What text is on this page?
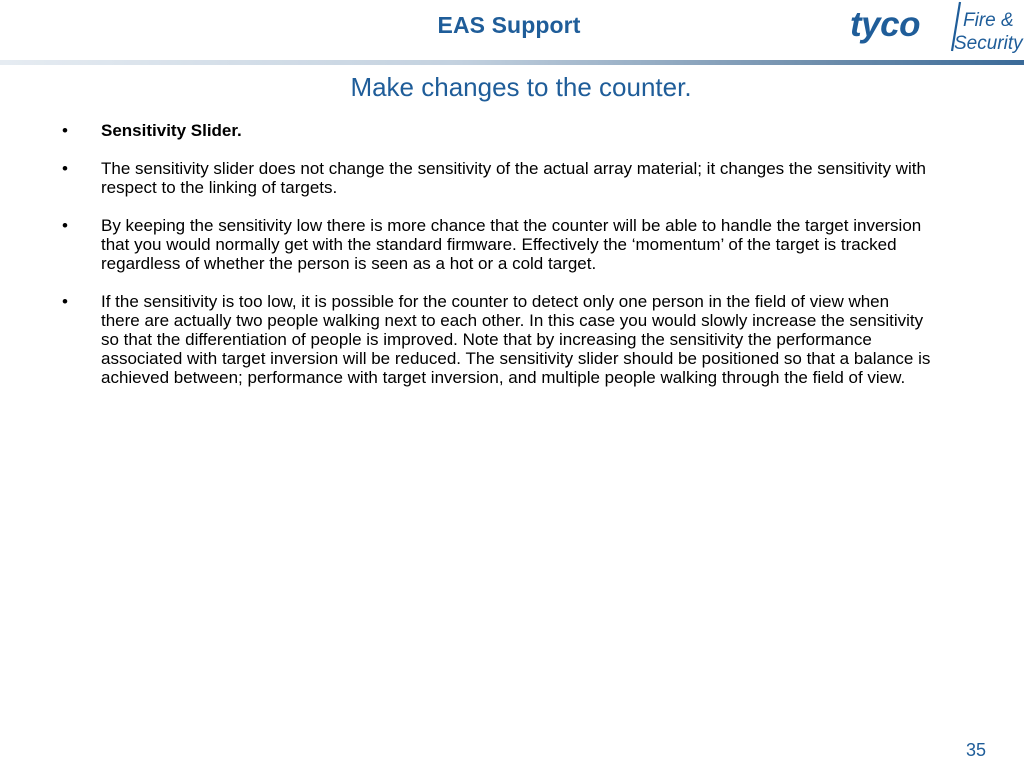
EAS Support	tyco Fire &
Security
Make changes to the counter.
• Sensitivity Slider.
• The sensitivity slider does not change the sensitivity of the actual array material; it changes the sensitivity with respect to the linking of targets.
• By keeping the sensitivity low there is more chance that the counter will be able to handle the target inversion that you would normally get with the standard firmware. Effectively the ‘momentum’ of the target is tracked regardless of whether the person is seen as a hot or a cold target.
• If the sensitivity is too low, it is possible for the counter to detect only one person in the field of view when there are actually two people walking next to each other. In this case you would slowly increase the sensitivity so that the differentiation of people is improved. Note that by increasing the sensitivity the performance associated with target inversion will be reduced. The sensitivity slider should be positioned so that a balance is achieved between; performance with target inversion, and multiple people walking through the field of view.
35
